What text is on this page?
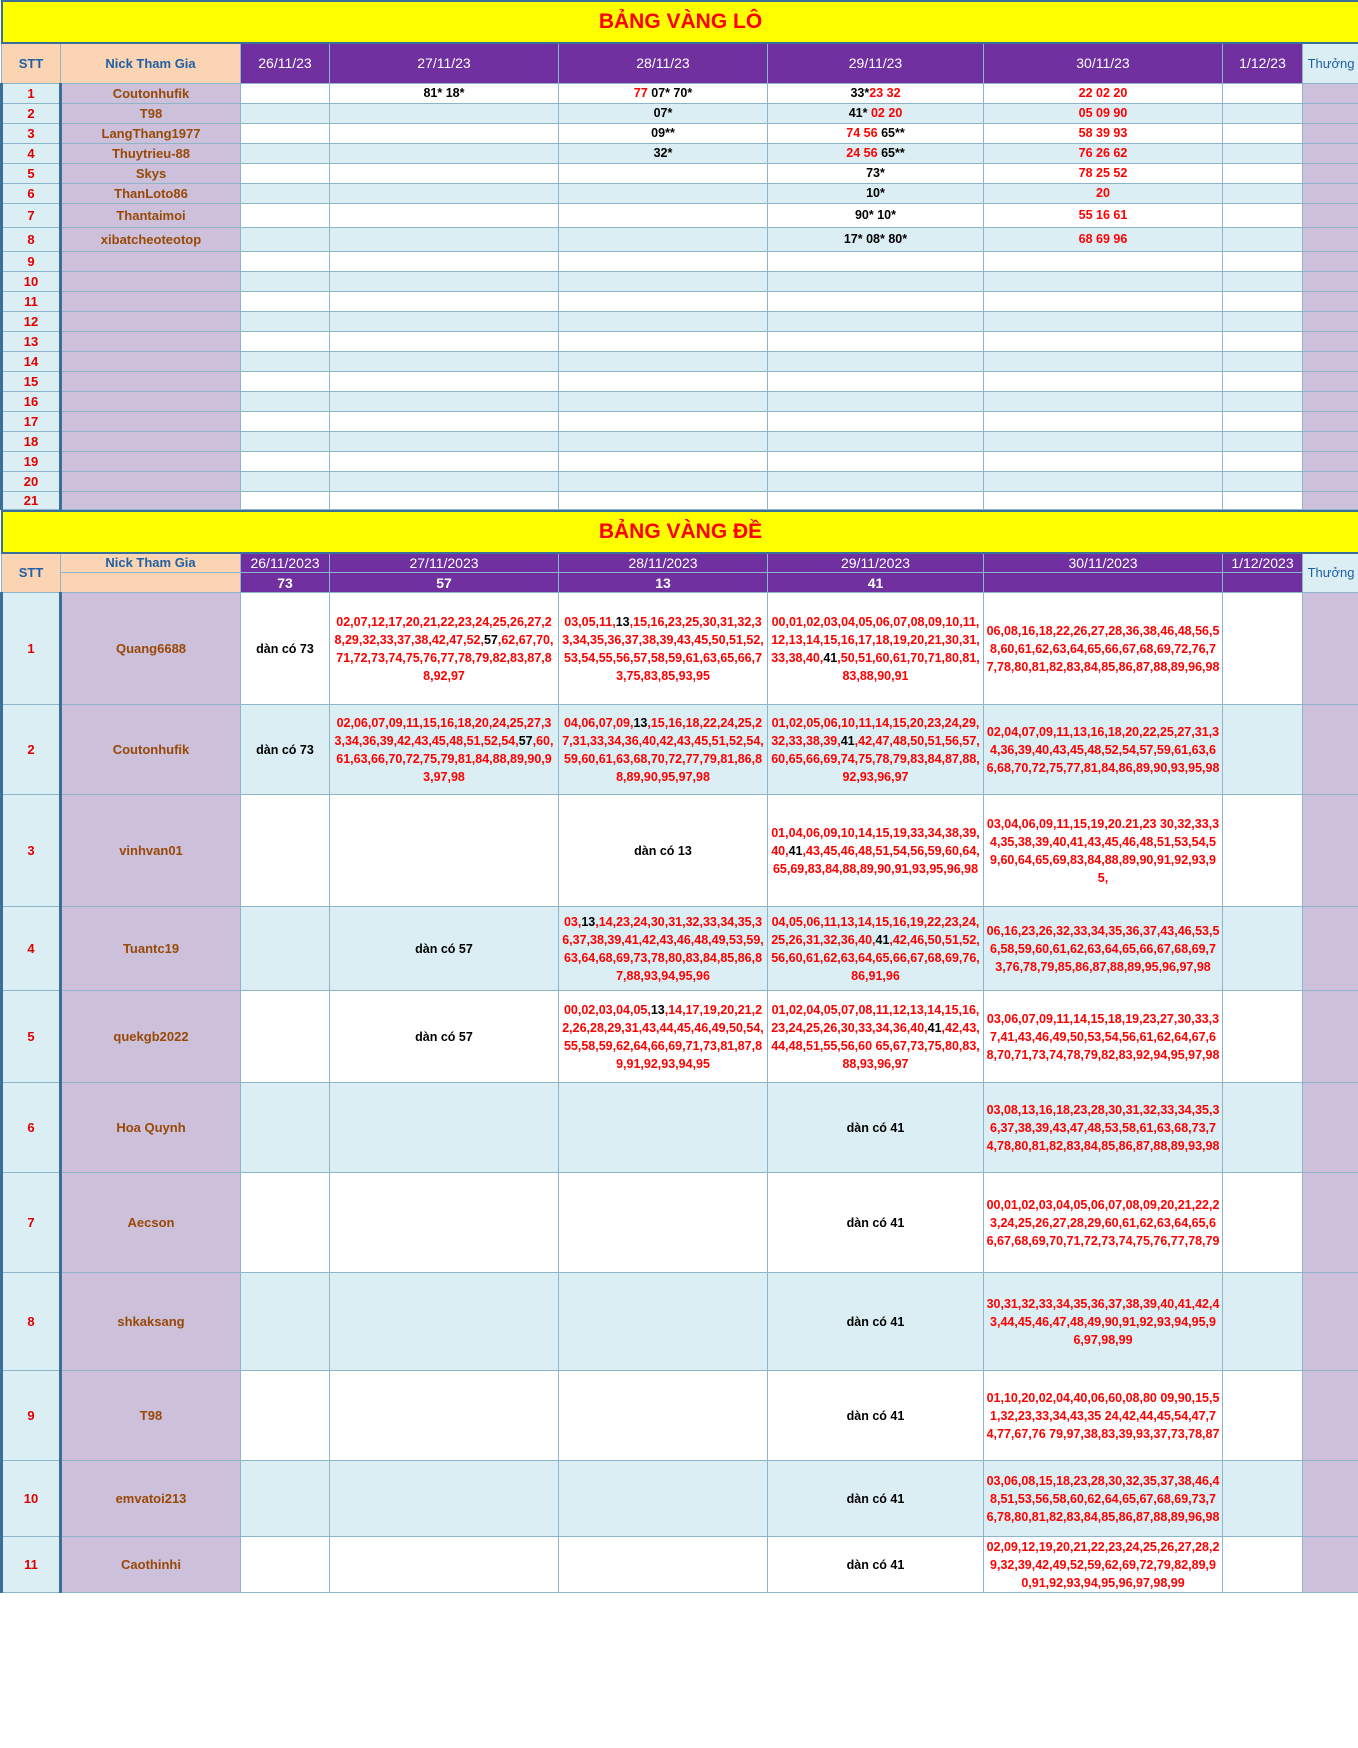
BẢNG VÀNG LÔ								
STT	Nick Tham Gia	26/11/23	27/11/23	28/11/23	29/11/23	30/11/23	1/12/23	Thưởng
1	Coutonhufik		81* 18*	77 07* 70*	33*23 32	22 02 20		
2	T98			07*	41* 02 20	05 09 90		
3	LangThang1977			09**	74 56 65**	58 39 93		
4	Thuytrieu-88			32*	24 56 65**	76 26 62		
5	Skys				73*	78 25 52		
6	ThanLoto86				10*	20		
7	Thantaimoi				90* 10*	55 16 61		
8	xibatcheoteotop				17* 08* 80*	68 69 96		
9								
10								
11								
12								
13								
14								
15								
16								
17								
18								
19								
20								
21								
BẢNG VÀNG ĐỀ								
STT	Nick Tham Gia	26/11/2023	27/11/2023	28/11/2023	29/11/2023	30/11/2023	1/12/2023	Thưởng
		73	57	13	41			
1	Quang6688	dàn có 73	02,07,12,17,20,21,22,23,24,25,26,27,28,29,32,33,37,38,42,47,52,57,62,67,70,71,72,73,74,75,76,77,78,79,82,83,87,88,92,97	03,05,11,13,15,16,23,25,30,31,32,33,34,35,36,37,38,39,43,45,50,51,52,53,54,55,56,57,58,59,61,63,65,66,73,75,83,85,93,95	00,01,02,03,04,05,06,07,08,09,10,11,12,13,14,15,16,17,18,19,20,21,30,31,33,38,40,41,50,51,60,61,70,71,80,81,83,88,90,91	06,08,16,18,22,26,27,28,36,38,46,48,56,58,60,61,62,63,64,65,66,67,68,69,72,76,77,78,80,81,82,83,84,85,86,87,88,89,96,98		
2	Coutonhufik	dàn có 73	02,06,07,09,11,15,16,18,20,24,25,27,33,34,36,39,42,43,45,48,51,52,54,57,60,61,63,66,70,72,75,79,81,84,88,89,90,93,97,98	04,06,07,09,13,15,16,18,22,24,25,27,31,33,34,36,40,42,43,45,51,52,54,59,60,61,63,68,70,72,77,79,81,86,88,89,90,95,97,98	01,02,05,06,10,11,14,15,20,23,24,29,32,33,38,39,41,42,47,48,50,51,56,57,60,65,66,69,74,75,78,79,83,84,87,88,92,93,96,97	02,04,07,09,11,13,16,18,20,22,25,27,31,34,36,39,40,43,45,48,52,54,57,59,61,63,66,68,70,72,75,77,81,84,86,89,90,93,95,98		
3	vinhvan01			dàn có 13	01,04,06,09,10,14,15,19,33,34,38,39,40,41,43,45,46,48,51,54,56,59,60,64,65,69,83,84,88,89,90,91,93,95,96,98	03,04,06,09,11,15,19,20.21,23 30,32,33,34,35,38,39,40,41,43,45,46,48,51,53,54,59,60,64,65,69,83,84,88,89,90,91,92,93,95,		
4	Tuantc19		dàn có 57	03,13,14,23,24,30,31,32,33,34,35,36,37,38,39,41,42,43,46,48,49,53,59,63,64,68,69,73,78,80,83,84,85,86,87,88,93,94,95,96	04,05,06,11,13,14,15,16,19,22,23,24,25,26,31,32,36,40,41,42,46,50,51,52,56,60,61,62,63,64,65,66,67,68,69,76,86,91,96	06,16,23,26,32,33,34,35,36,37,43,46,53,56,58,59,60,61,62,63,64,65,66,67,68,69,73,76,78,79,85,86,87,88,89,95,96,97,98		
5	quekgb2022		dàn có 57	00,02,03,04,05,13,14,17,19,20,21,22,26,28,29,31,43,44,45,46,49,50,54,55,58,59,62,64,66,69,71,73,81,87,89,91,92,93,94,95	01,02,04,05,07,08,11,12,13,14,15,16,23,24,25,26,30,33,34,36,40,41,42,43,44,48,51,55,56,60 65,67,73,75,80,83,88,93,96,97	03,06,07,09,11,14,15,18,19,23,27,30,33,37,41,43,46,49,50,53,54,56,61,62,64,67,68,70,71,73,74,78,79,82,83,92,94,95,97,98		
6	Hoa Quynh				dàn có 41	03,08,13,16,18,23,28,30,31,32,33,34,35,36,37,38,39,43,47,48,53,58,61,63,68,73,74,78,80,81,82,83,84,85,86,87,88,89,93,98		
7	Aecson				dàn có 41	00,01,02,03,04,05,06,07,08,09,20,21,22,23,24,25,26,27,28,29,60,61,62,63,64,65,66,67,68,69,70,71,72,73,74,75,76,77,78,79		
8	shkaksang				dàn có 41	30,31,32,33,34,35,36,37,38,39,40,41,42,43,44,45,46,47,48,49,90,91,92,93,94,95,96,97,98,99		
9	T98				dàn có 41	01,10,20,02,04,40,06,60,08,80 09,90,15,51,32,23,33,34,43,35 24,42,44,45,54,47,74,77,67,76 79,97,38,83,39,93,37,73,78,87		
10	emvatoi213				dàn có 41	03,06,08,15,18,23,28,30,32,35,37,38,46,48,51,53,56,58,60,62,64,65,67,68,69,73,76,78,80,81,82,83,84,85,86,87,88,89,96,98		
11	Caothinhi				dàn có 41	02,09,12,19,20,21,22,23,24,25,26,27,28,29,32,39,42,49,52,59,62,69,72,79,82,89,90,91,92,93,94,95,96,97,98,99		
